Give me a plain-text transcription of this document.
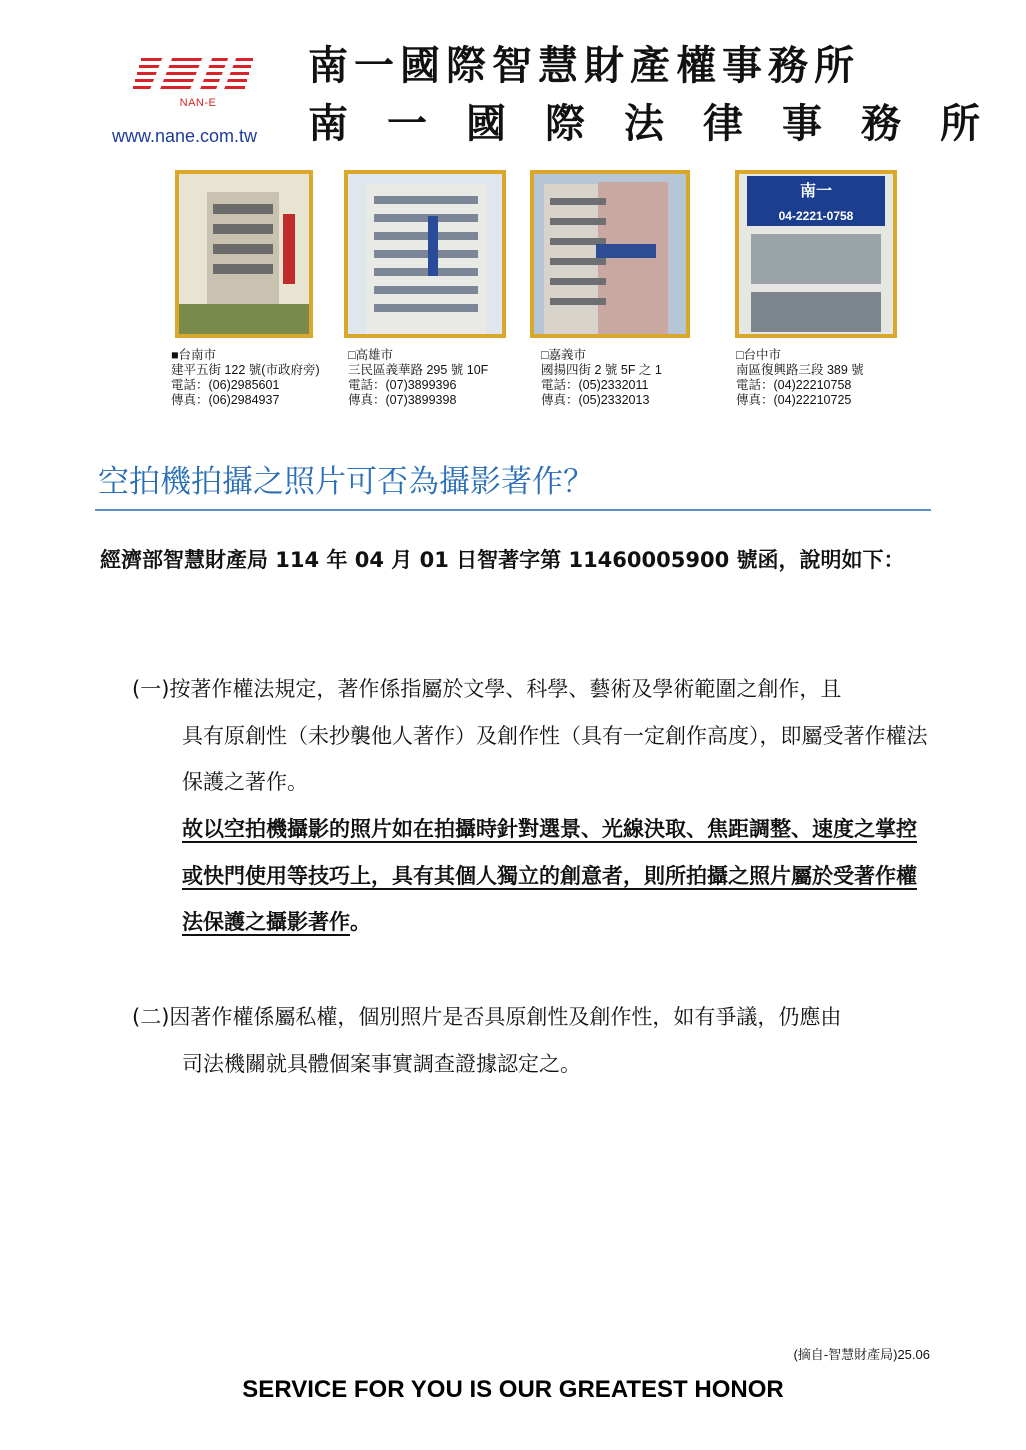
NAN-E
www.nane.com.tw
南一國際智慧財產權事務所
南一國際法律事務所
南一
04-2221-0758
■台南市
建平五街 122 號(市政府旁)
電話：(06)2985601
傳真：(06)2984937
□高雄市
三民區義華路 295 號 10F
電話：(07)3899396
傳真：(07)3899398
□嘉義市
國揚四街 2 號 5F 之 1
電話：(05)2332011
傳真：(05)2332013
□台中市
南區復興路三段 389 號
電話：(04)22210758
傳真：(04)22210725
空拍機拍攝之照片可否為攝影著作？
經濟部智慧財產局 114 年 04 月 01 日智著字第 11460005900 號函，說明如下：
(一)按著作權法規定，著作係指屬於文學、科學、藝術及學術範圍之創作，且
具有原創性（未抄襲他人著作）及創作性（具有一定創作高度），即屬受著作權法保護之著作。
故以空拍機攝影的照片如在拍攝時針對選景、光線決取、焦距調整、速度之掌控或快門使用等技巧上，具有其個人獨立的創意者，則所拍攝之照片屬於受著作權法保護之攝影著作。
(二)因著作權係屬私權，個別照片是否具原創性及創作性，如有爭議，仍應由
司法機關就具體個案事實調查證據認定之。
(摘自-智慧財產局)25.06
SERVICE FOR YOU IS OUR GREATEST HONOR
